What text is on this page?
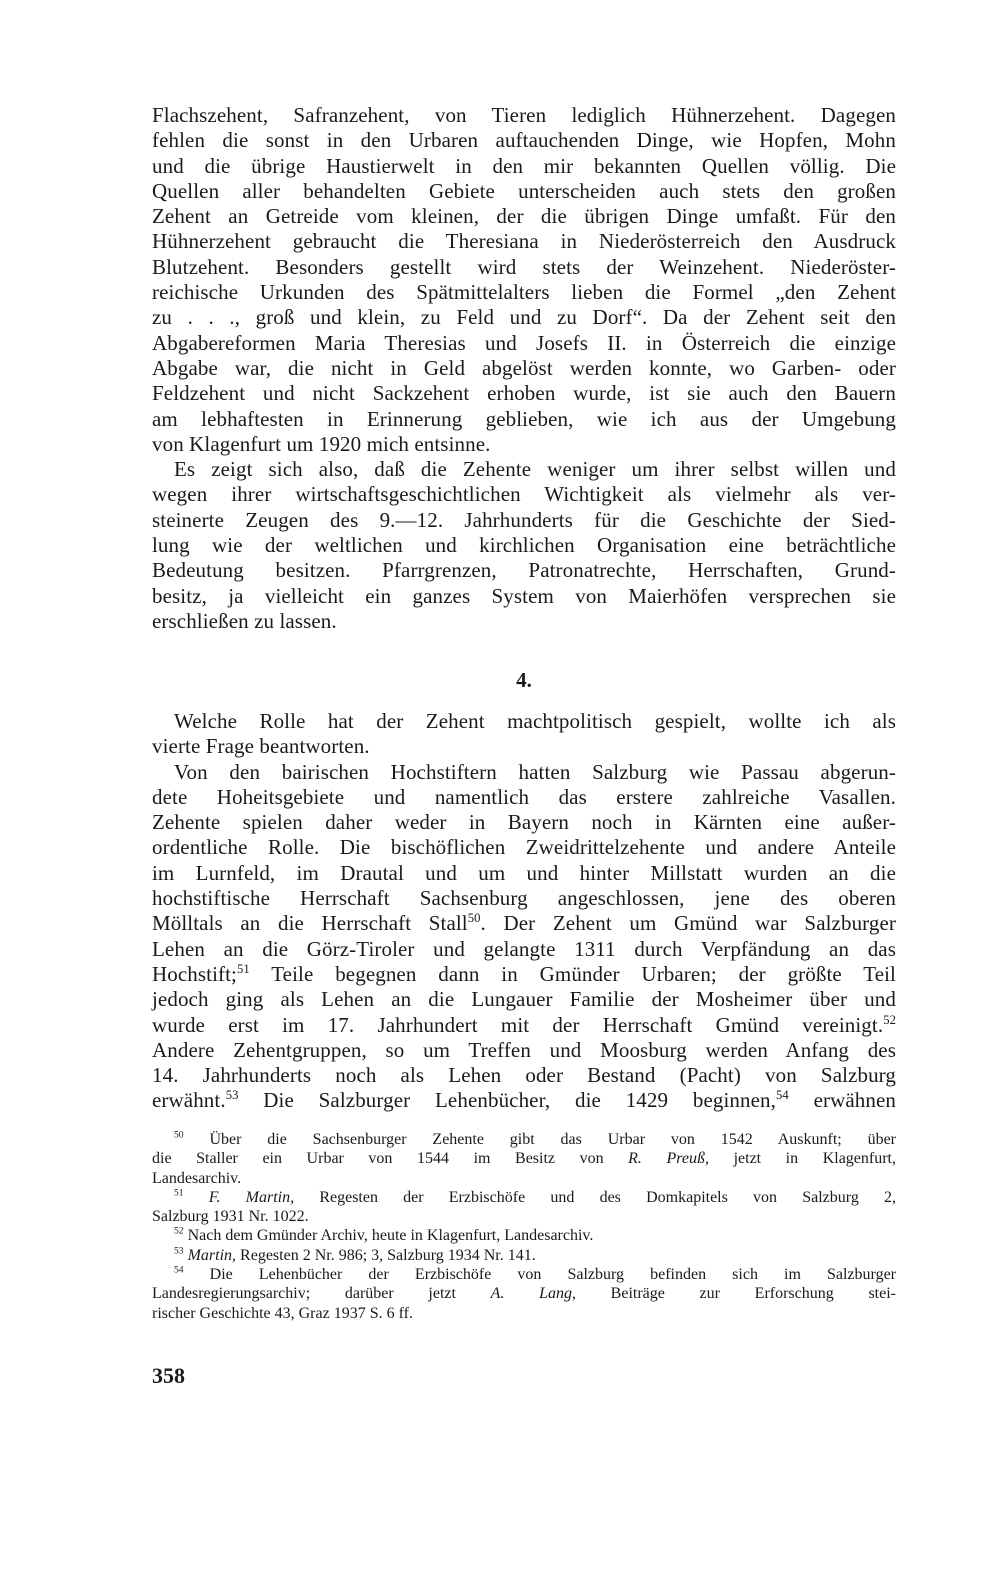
Flachszehent, Safranzehent, von Tieren lediglich Hühnerzehent. Dagegen
fehlen die sonst in den Urbaren auftauchenden Dinge, wie Hopfen, Mohn
und die übrige Haustierwelt in den mir bekannten Quellen völlig. Die
Quellen aller behandelten Gebiete unterscheiden auch stets den großen
Zehent an Getreide vom kleinen, der die übrigen Dinge umfaßt. Für den
Hühnerzehent gebraucht die Theresiana in Niederösterreich den Ausdruck
Blutzehent. Besonders gestellt wird stets der Weinzehent. Niederöster-
reichische Urkunden des Spätmittelalters lieben die Formel „den Zehent
zu . . ., groß und klein, zu Feld und zu Dorf“. Da der Zehent seit den
Abgabereformen Maria Theresias und Josefs II. in Österreich die einzige
Abgabe war, die nicht in Geld abgelöst werden konnte, wo Garben- oder
Feldzehent und nicht Sackzehent erhoben wurde, ist sie auch den Bauern
am lebhaftesten in Erinnerung geblieben, wie ich aus der Umgebung
von Klagenfurt um 1920 mich entsinne.
Es zeigt sich also, daß die Zehente weniger um ihrer selbst willen und
wegen ihrer wirtschaftsgeschichtlichen Wichtigkeit als vielmehr als ver-
steinerte Zeugen des 9.—12. Jahrhunderts für die Geschichte der Sied-
lung wie der weltlichen und kirchlichen Organisation eine beträchtliche
Bedeutung besitzen. Pfarrgrenzen, Patronatrechte, Herrschaften, Grund-
besitz, ja vielleicht ein ganzes System von Maierhöfen versprechen sie
erschließen zu lassen.
4.
Welche Rolle hat der Zehent machtpolitisch gespielt, wollte ich als
vierte Frage beantworten.
Von den bairischen Hochstiftern hatten Salzburg wie Passau abgerun-
dete Hoheitsgebiete und namentlich das erstere zahlreiche Vasallen.
Zehente spielen daher weder in Bayern noch in Kärnten eine außer-
ordentliche Rolle. Die bischöflichen Zweidrittelzehente und andere Anteile
im Lurnfeld, im Drautal und um und hinter Millstatt wurden an die
hochstiftische Herrschaft Sachsenburg angeschlossen, jene des oberen
Mölltals an die Herrschaft Stall$^{50}$. Der Zehent um Gmünd war Salzburger
Lehen an die Görz-Tiroler und gelangte 1311 durch Verpfändung an das
Hochstift;$^{51}$ Teile begegnen dann in Gmünder Urbaren; der größte Teil
jedoch ging als Lehen an die Lungauer Familie der Mosheimer über und
wurde erst im 17. Jahrhundert mit der Herrschaft Gmünd vereinigt.$^{52}$
Andere Zehentgruppen, so um Treffen und Moosburg werden Anfang des
14. Jahrhunderts noch als Lehen oder Bestand (Pacht) von Salzburg
erwähnt.$^{53}$ Die Salzburger Lehenbücher, die 1429 beginnen,$^{54}$ erwähnen
$^{50}$ Über die Sachsenburger Zehente gibt das Urbar von 1542 Auskunft; über
die Staller ein Urbar von 1544 im Besitz von R. Preuß, jetzt in Klagenfurt,
Landesarchiv.
$^{51}$ F. Martin, Regesten der Erzbischöfe und des Domkapitels von Salzburg 2,
Salzburg 1931 Nr. 1022.
$^{52}$ Nach dem Gmünder Archiv, heute in Klagenfurt, Landesarchiv.
$^{53}$ Martin, Regesten 2 Nr. 986; 3, Salzburg 1934 Nr. 141.
$^{54}$ Die Lehenbücher der Erzbischöfe von Salzburg befinden sich im Salzburger
Landesregierungsarchiv; darüber jetzt A. Lang, Beiträge zur Erforschung stei-
rischer Geschichte 43, Graz 1937 S. 6 ff.
358
